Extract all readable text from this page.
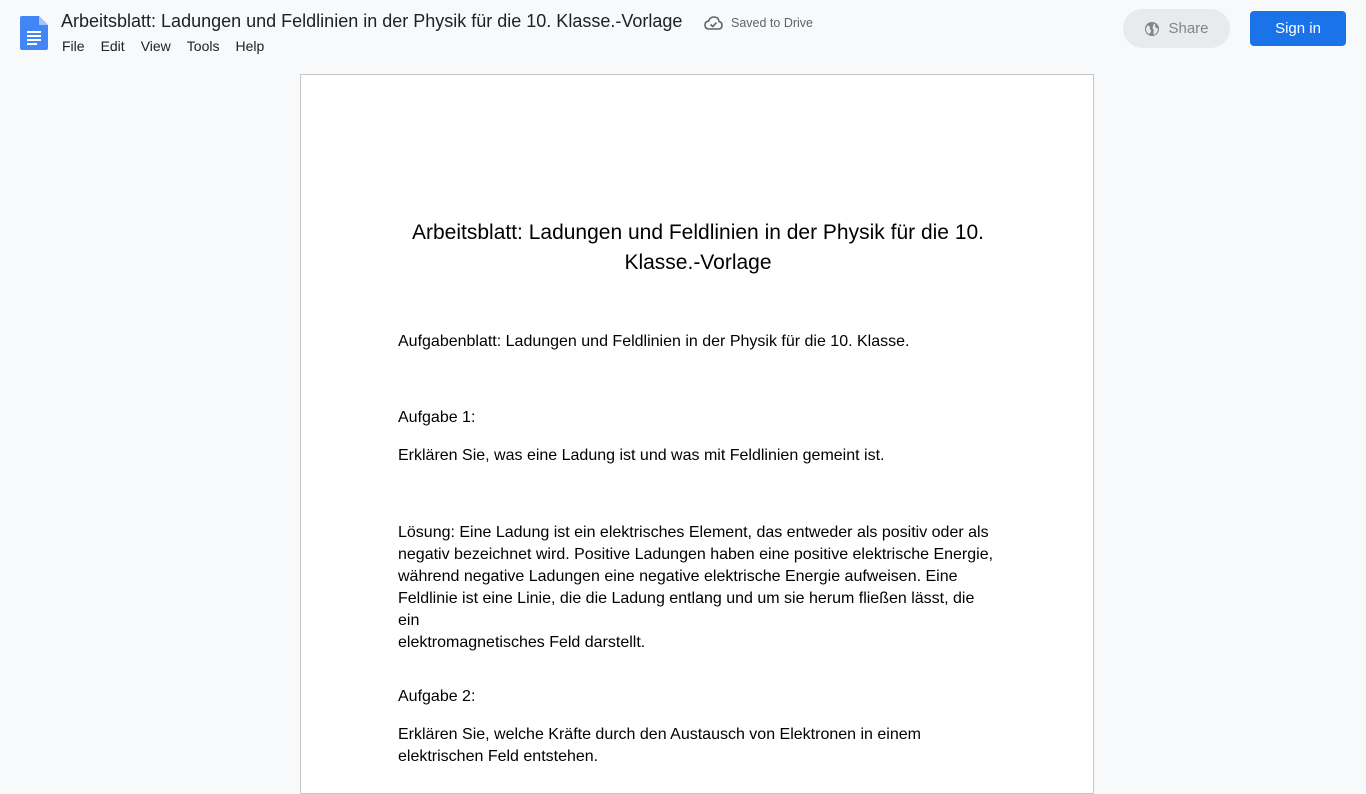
Arbeitsblatt: Ladungen und Feldlinien in der Physik für die 10. Klasse.-Vorlage	Saved to Drive
File	Edit	View	Tools	Help
Share	Sign in
Arbeitsblatt: Ladungen und Feldlinien in der Physik für die 10.
Klasse.-Vorlage
Aufgabenblatt: Ladungen und Feldlinien in der Physik für die 10. Klasse.
Aufgabe 1:
Erklären Sie, was eine Ladung ist und was mit Feldlinien gemeint ist.
Lösung: Eine Ladung ist ein elektrisches Element, das entweder als positiv oder als
negativ bezeichnet wird. Positive Ladungen haben eine positive elektrische Energie,
während negative Ladungen eine negative elektrische Energie aufweisen. Eine
Feldlinie ist eine Linie, die die Ladung entlang und um sie herum fließen lässt, die ein
elektromagnetisches Feld darstellt.
Aufgabe 2:
Erklären Sie, welche Kräfte durch den Austausch von Elektronen in einem
elektrischen Feld entstehen.
